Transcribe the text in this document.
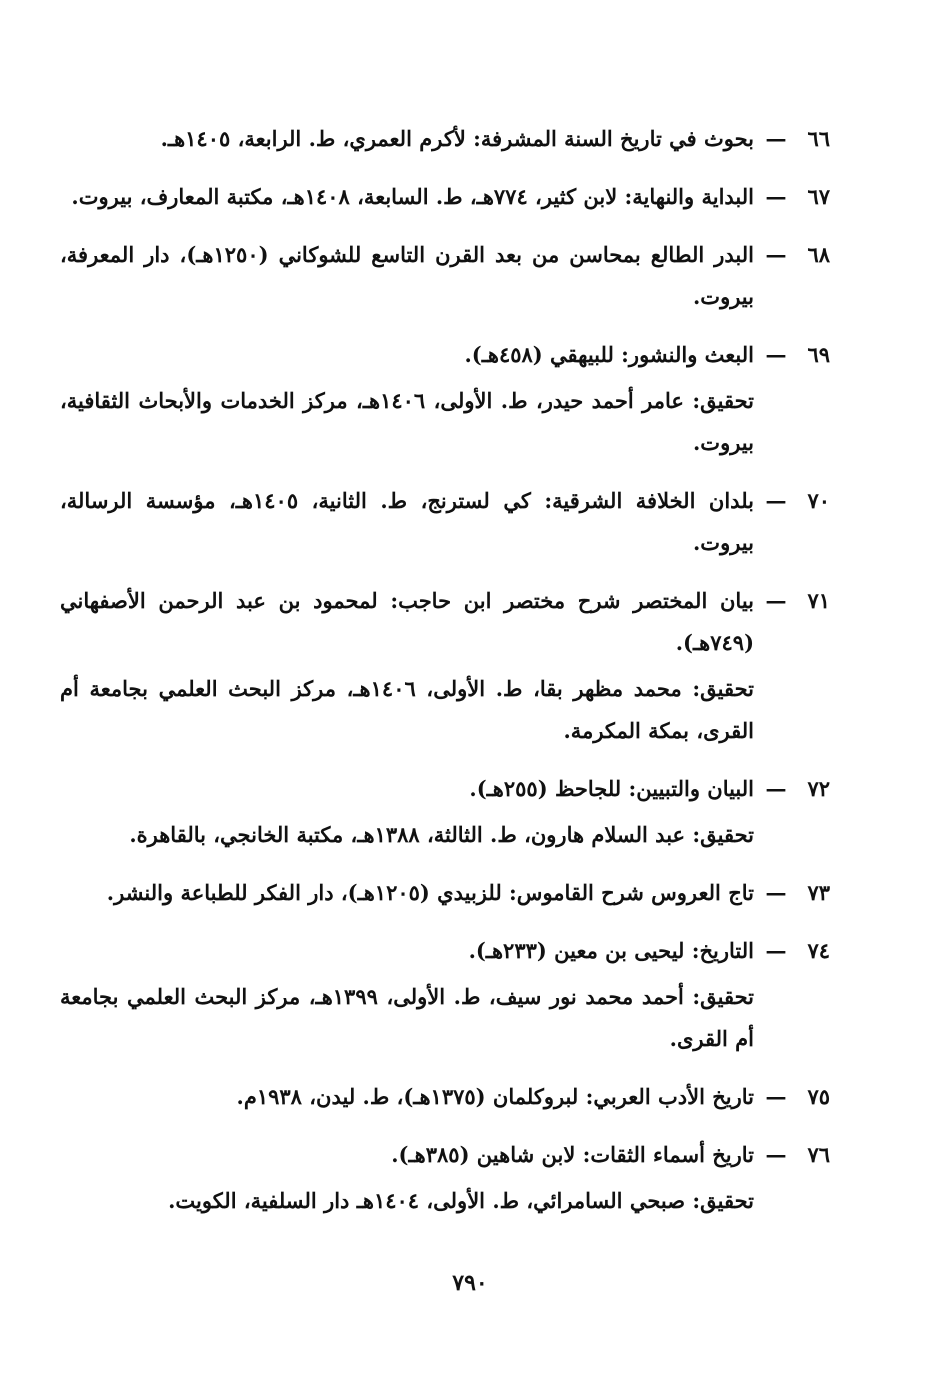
٦٦
—
بحوث في تاريخ السنة المشرفة: لأكرم العمري، ط. الرابعة، ١٤٠٥هـ.
٦٧
—
البداية والنهاية: لابن كثير، ٧٧٤هـ، ط. السابعة، ١٤٠٨هـ، مكتبة المعارف، بيروت.
٦٨
—
البدر الطالع بمحاسن من بعد القرن التاسع للشوكاني (١٢٥٠هـ)، دار المعرفة، بيروت.
٦٩
—
البعث والنشور: للبيهقي (٤٥٨هـ).
تحقيق: عامر أحمد حيدر، ط. الأولى، ١٤٠٦هـ، مركز الخدمات والأبحاث الثقافية، بيروت.
٧٠
—
بلدان الخلافة الشرقية: كي لسترنج، ط. الثانية، ١٤٠٥هـ، مؤسسة الرسالة، بيروت.
٧١
—
بيان المختصر شرح مختصر ابن حاجب: لمحمود بن عبد الرحمن الأصفهاني (٧٤٩هـ).
تحقيق: محمد مظهر بقا، ط. الأولى، ١٤٠٦هـ، مركز البحث العلمي بجامعة أم القرى، بمكة المكرمة.
٧٢
—
البيان والتبيين: للجاحظ (٢٥٥هـ).
تحقيق: عبد السلام هارون، ط. الثالثة، ١٣٨٨هـ، مكتبة الخانجي، بالقاهرة.
٧٣
—
تاج العروس شرح القاموس: للزبيدي (١٢٠٥هـ)، دار الفكر للطباعة والنشر.
٧٤
—
التاريخ: ليحيى بن معين (٢٣٣هـ).
تحقيق: أحمد محمد نور سيف، ط. الأولى، ١٣٩٩هـ، مركز البحث العلمي بجامعة أم القرى.
٧٥
—
تاريخ الأدب العربي: لبروكلمان (١٣٧٥هـ)، ط. ليدن، ١٩٣٨م.
٧٦
—
تاريخ أسماء الثقات: لابن شاهين (٣٨٥هـ).
تحقيق: صبحي السامرائي، ط. الأولى، ١٤٠٤هـ دار السلفية، الكويت.
٧٩٠
